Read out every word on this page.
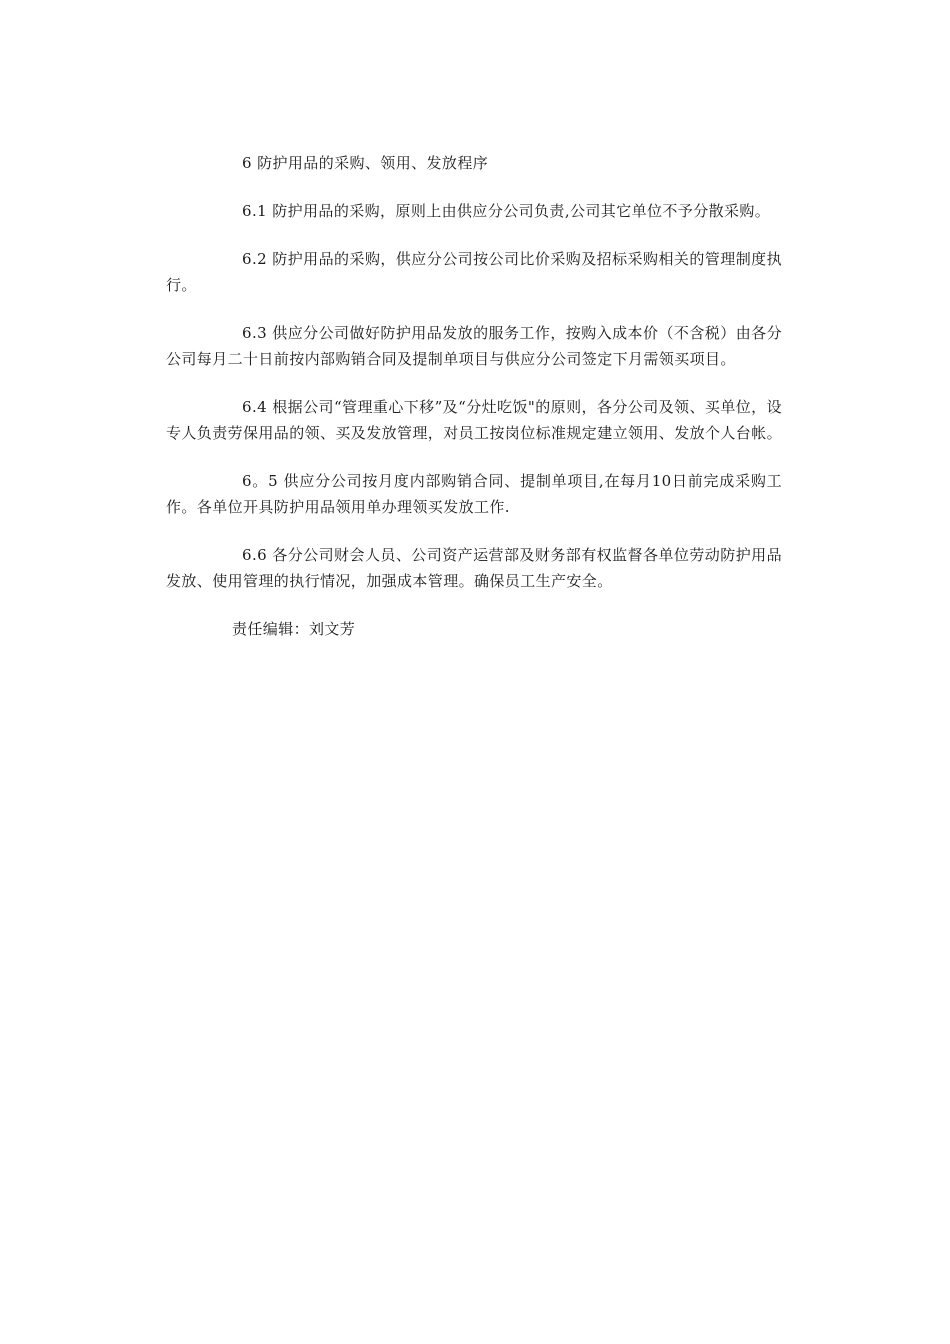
6 防护用品的采购、领用、发放程序

6.1 防护用品的采购，原则上由供应分公司负责,公司其它单位不予分散采购。

6.2 防护用品的采购，供应分公司按公司比价采购及招标采购相关的管理制度执行。

6.3 供应分公司做好防护用品发放的服务工作，按购入成本价（不含税）由各分公司每月二十日前按内部购销合同及提制单项目与供应分公司签定下月需领买项目。

6.4 根据公司“管理重心下移”及“分灶吃饭"的原则，各分公司及领、买单位，设专人负责劳保用品的领、买及发放管理，对员工按岗位标准规定建立领用、发放个人台帐。

6。5 供应分公司按月度内部购销合同、提制单项目,在每月10日前完成采购工作。各单位开具防护用品领用单办理领买发放工作.

6.6 各分公司财会人员、公司资产运营部及财务部有权监督各单位劳动防护用品发放、使用管理的执行情况，加强成本管理。确保员工生产安全。

责任编辑：刘文芳
